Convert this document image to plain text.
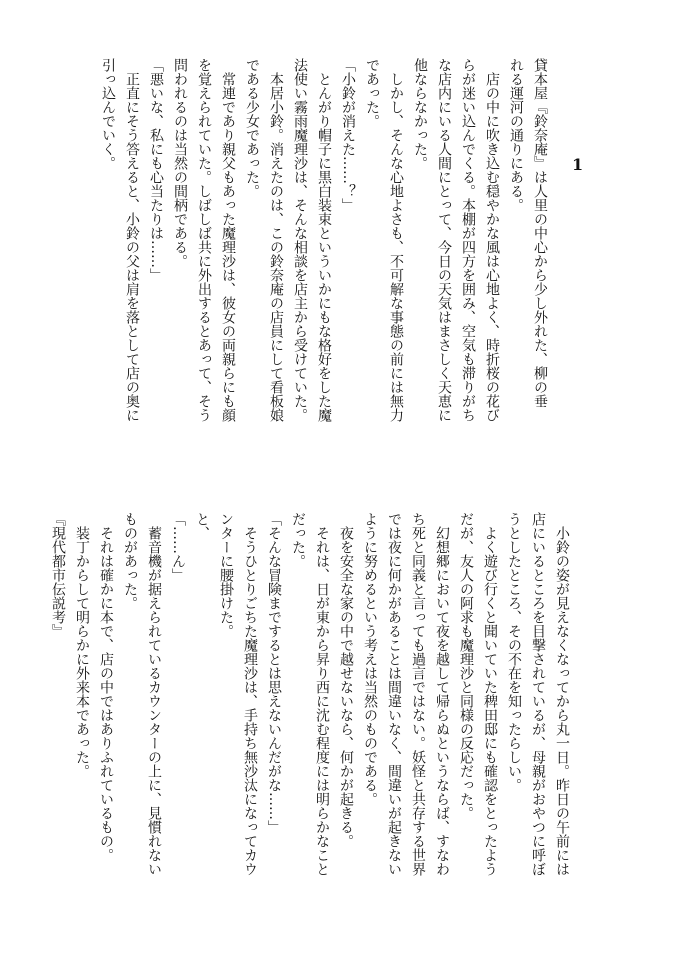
1
貸本屋『鈴奈庵』は人里の中心から少し外れた、柳の垂
れる運河の通りにある。
　店の中に吹き込む穏やかな風は心地よく、時折桜の花び
らが迷い込んでくる。本棚が四方を囲み、空気も滞りがち
な店内にいる人間にとって、今日の天気はまさしく天恵に
他ならなかった。
　しかし、そんな心地よさも、不可解な事態の前には無力
であった。
「小鈴が消えた……？」
　とんがり帽子に黒白装束といういかにもな格好をした魔
法使い霧雨魔理沙は、そんな相談を店主から受けていた。
　本居小鈴。消えたのは、この鈴奈庵の店員にして看板娘
である少女であった。
　常連であり親父もあった魔理沙は、彼女の両親らにも顔
を覚えられていた。しばしば共に外出するとあって、そう
問われるのは当然の間柄である。
「悪いな、私にも心当たりは……」
　正直にそう答えると、小鈴の父は肩を落として店の奥に
引っ込んでいく。
　小鈴の姿が見えなくなってから丸一日。昨日の午前には
店にいるところを目撃されているが、母親がおやつに呼ぼ
うとしたところ、その不在を知ったらしい。
　よく遊び行くと聞いていた稗田邸にも確認をとったよう
だが、友人の阿求も魔理沙と同様の反応だった。
　幻想郷において夜を越して帰らぬというならば、すなわ
ち死と同義と言っても過言ではない。妖怪と共存する世界
では夜に何かがあることは間違いなく、間違いが起きない
ように努めるという考えは当然のものである。
　夜を安全な家の中で越せないなら、何かが起きる。
　それは、日が東から昇り西に沈む程度には明らかなこと
だった。
「そんな冒険までするとは思えないんだがな……」
　そうひとりごちた魔理沙は、手持ち無沙汰になってカウ
ンターに腰掛けた。
と、
「……ん」
　蓄音機が据えられているカウンターの上に、見慣れない
ものがあった。
　それは確かに本で、店の中ではありふれているもの。
　装丁からして明らかに外来本であった。
『現代都市伝説考』
